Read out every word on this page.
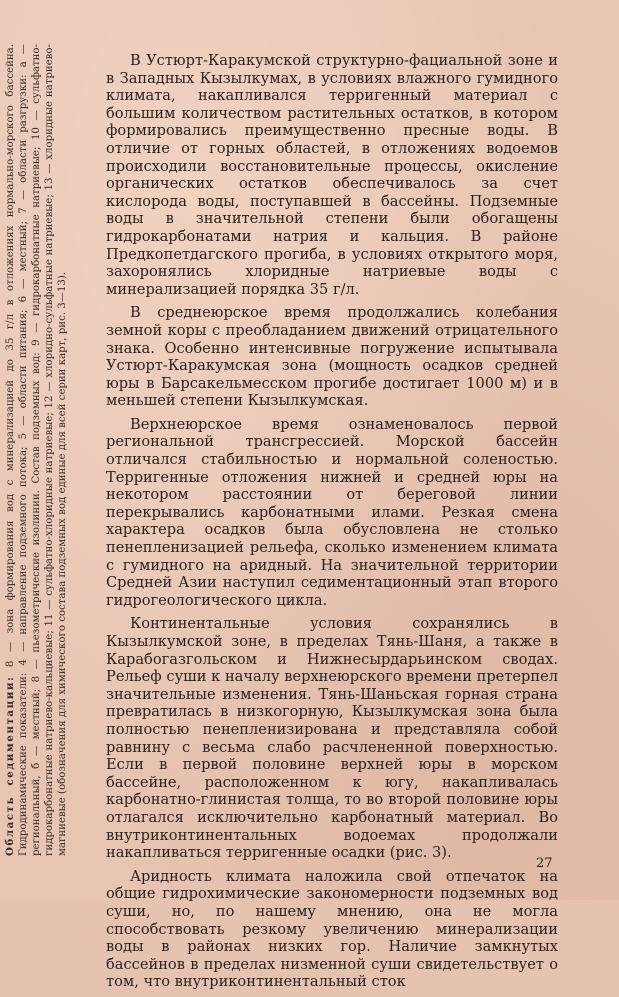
Область седиментации: 8 — зона формирования вод с минерализацией до 35 г/л в отложениях нормально-морского бассейна. Гидродинамические показатели: 4 — направление подземного потока; 5 — области питания; 6 — местный; 7 — области разгрузки: а — региональный, б — местный; 8 — пьезометрические изолинии. Состав подземных вод: 9 — гидрокарбонатные натриевые; 10 — сульфатно-гидрокарбонатные натриево-кальциевые; 11 — сульфатно-хлоридные натриевые; 12 — хлоридно-сульфатные натриевые; 13 — хлоридные натриево-магниевые (обозначения для химического состава подземных вод единые для всей серии карт, рис. 3—13).

В Устюрт-Каракумской структурно-фациальной зоне и в Западных Кызылкумах, в условиях влажного гумидного климата, накапливался терригенный материал с большим количеством растительных остатков, в котором формировались преимущественно пресные воды. В отличие от горных областей, в отложениях водоемов происходили восстановительные процессы, окисление органических остатков обеспечивалось за счет кислорода воды, поступавшей в бассейны. Подземные воды в значительной степени были обогащены гидрокарбонатами натрия и кальция. В районе Предкопетдагского прогиба, в условиях открытого моря, захоронялись хлоридные натриевые воды с минерализацией порядка 35 г/л.

В среднеюрское время продолжались колебания земной коры с преобладанием движений отрицательного знака. Особенно интенсивные погружение испытывала Устюрт-Каракумская зона (мощность осадков средней юры в Барсакельмесском прогибе достигает 1000 м) и в меньшей степени Кызылкумская.

Верхнеюрское время ознаменовалось первой региональной трансгрессией. Морской бассейн отличался стабильностью и нормальной соленостью. Терригенные отложения нижней и средней юры на некотором расстоянии от береговой линии перекрывались карбонатными илами. Резкая смена характера осадков была обусловлена не столько пенепленизацией рельефа, сколько изменением климата с гумидного на аридный. На значительной территории Средней Азии наступил седиментационный этап второго гидрогеологического цикла.

Континентальные условия сохранялись в Кызылкумской зоне, в пределах Тянь-Шаня, а также в Карабогазгольском и Нижнесырдарьинском сводах. Рельеф суши к началу верхнеюрского времени претерпел значительные изменения. Тянь-Шаньская горная страна превратилась в низкогорную, Кызылкумская зона была полностью пенепленизирована и представляла собой равнину с весьма слабо расчлененной поверхностью. Если в первой половине верхней юры в морском бассейне, расположенном к югу, накапливалась карбонатно-глинистая толща, то во второй половине юры отлагался исключительно карбонатный материал. Во внутриконтинентальных водоемах продолжали накапливаться терригенные осадки (рис. 3).

Аридность климата наложила свой отпечаток на общие гидрохимические закономерности подземных вод суши, но, по нашему мнению, она не могла способствовать резкому увеличению минерализации воды в районах низких гор. Наличие замкнутых бассейнов в пределах низменной суши свидетельствует о том, что внутриконтинентальный сток

27
